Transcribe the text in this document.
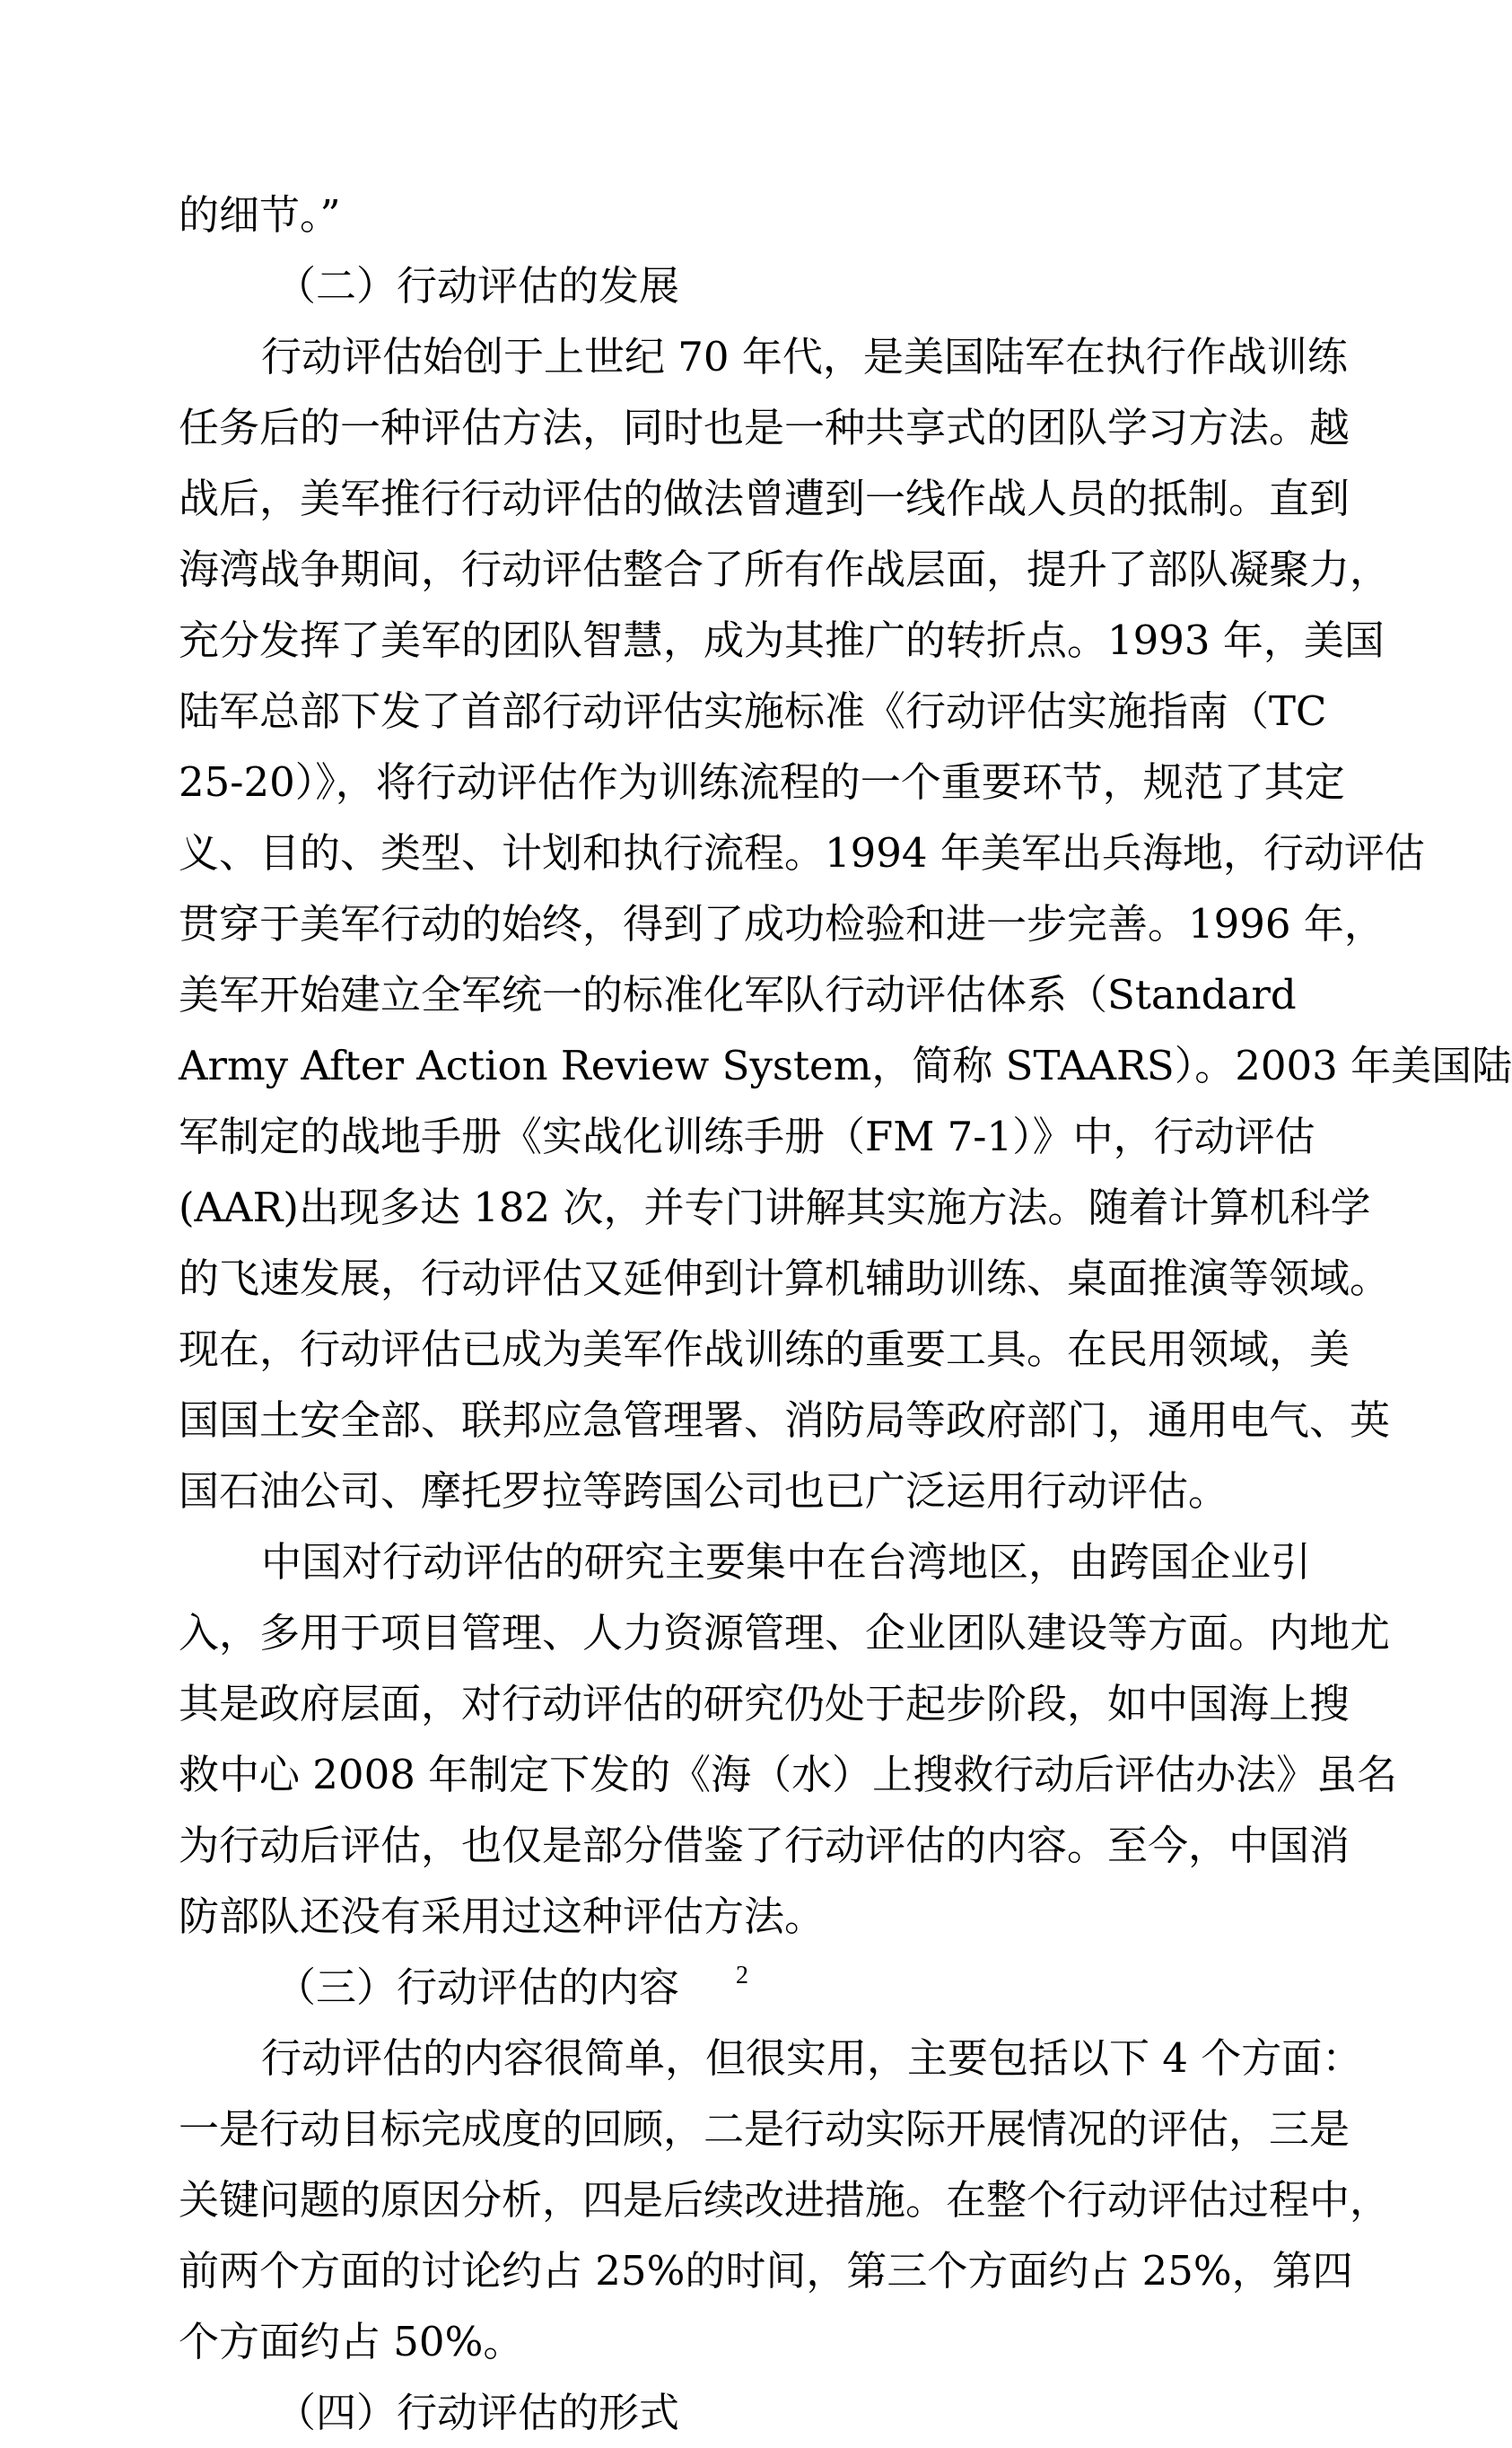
的细节。”
（二）行动评估的发展
行动评估始创于上世纪 70 年代，是美国陆军在执行作战训练
任务后的一种评估方法，同时也是一种共享式的团队学习方法。越
战后，美军推行行动评估的做法曾遭到一线作战人员的抵制。直到
海湾战争期间，行动评估整合了所有作战层面，提升了部队凝聚力，
充分发挥了美军的团队智慧，成为其推广的转折点。1993 年，美国
陆军总部下发了首部行动评估实施标准《行动评估实施指南（TC
25-20）》，将行动评估作为训练流程的一个重要环节，规范了其定
义、目的、类型、计划和执行流程。1994 年美军出兵海地，行动评估
贯穿于美军行动的始终，得到了成功检验和进一步完善。1996 年，
美军开始建立全军统一的标准化军队行动评估体系（Standard
Army After Action Review System，简称 STAARS）。2003 年美国陆
军制定的战地手册《实战化训练手册（FM 7-1）》中，行动评估
(AAR)出现多达 182 次，并专门讲解其实施方法。随着计算机科学
的飞速发展，行动评估又延伸到计算机辅助训练、桌面推演等领域。
现在，行动评估已成为美军作战训练的重要工具。在民用领域，美
国国土安全部、联邦应急管理署、消防局等政府部门，通用电气、英
国石油公司、摩托罗拉等跨国公司也已广泛运用行动评估。
中国对行动评估的研究主要集中在台湾地区，由跨国企业引
入，多用于项目管理、人力资源管理、企业团队建设等方面。内地尤
其是政府层面，对行动评估的研究仍处于起步阶段，如中国海上搜
救中心 2008 年制定下发的《海（水）上搜救行动后评估办法》虽名
为行动后评估，也仅是部分借鉴了行动评估的内容。至今，中国消
防部队还没有采用过这种评估方法。
（三）行动评估的内容
行动评估的内容很简单，但很实用，主要包括以下 4 个方面：
一是行动目标完成度的回顾，二是行动实际开展情况的评估，三是
关键问题的原因分析，四是后续改进措施。在整个行动评估过程中，
前两个方面的讨论约占 25%的时间，第三个方面约占 25%，第四
个方面约占 50%。
（四）行动评估的形式
2
